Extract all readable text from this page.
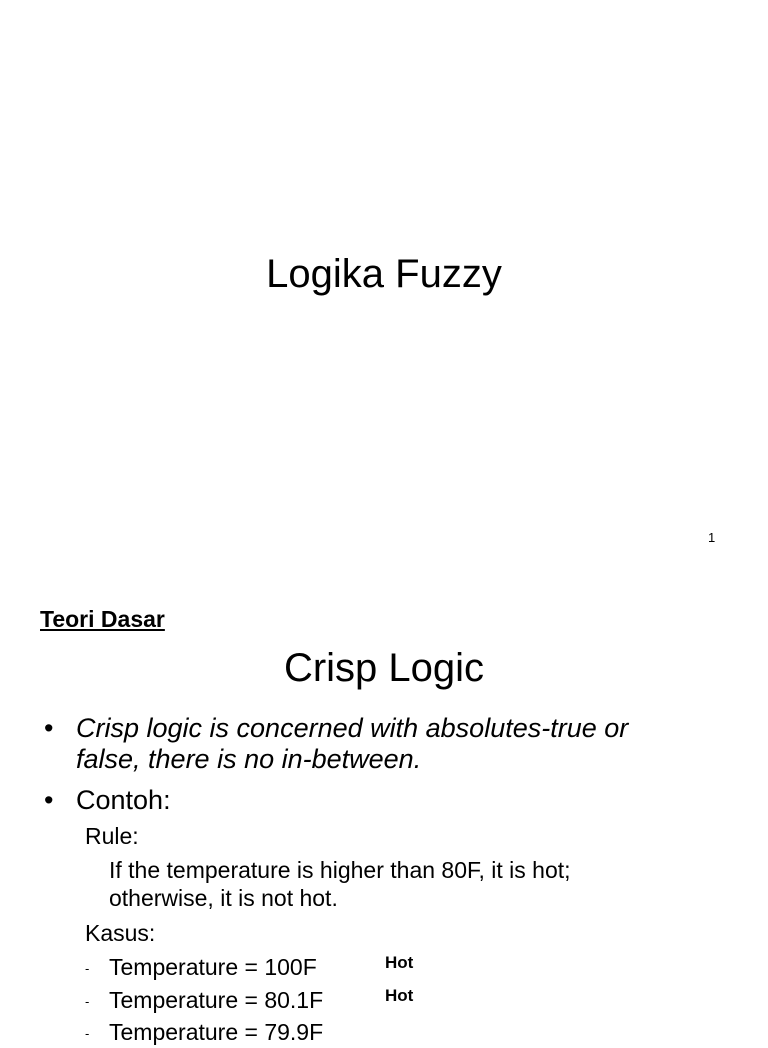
Logika Fuzzy
1
Teori Dasar
Crisp Logic
• Crisp logic is concerned with absolutes-true or
false, there is no in-between.
• Contoh:
Rule:
If the temperature is higher than 80F, it is hot;
otherwise, it is not hot.
Kasus:
- Temperature = 100F	Hot
- Temperature = 80.1F	Hot
- Temperature = 79.9F
